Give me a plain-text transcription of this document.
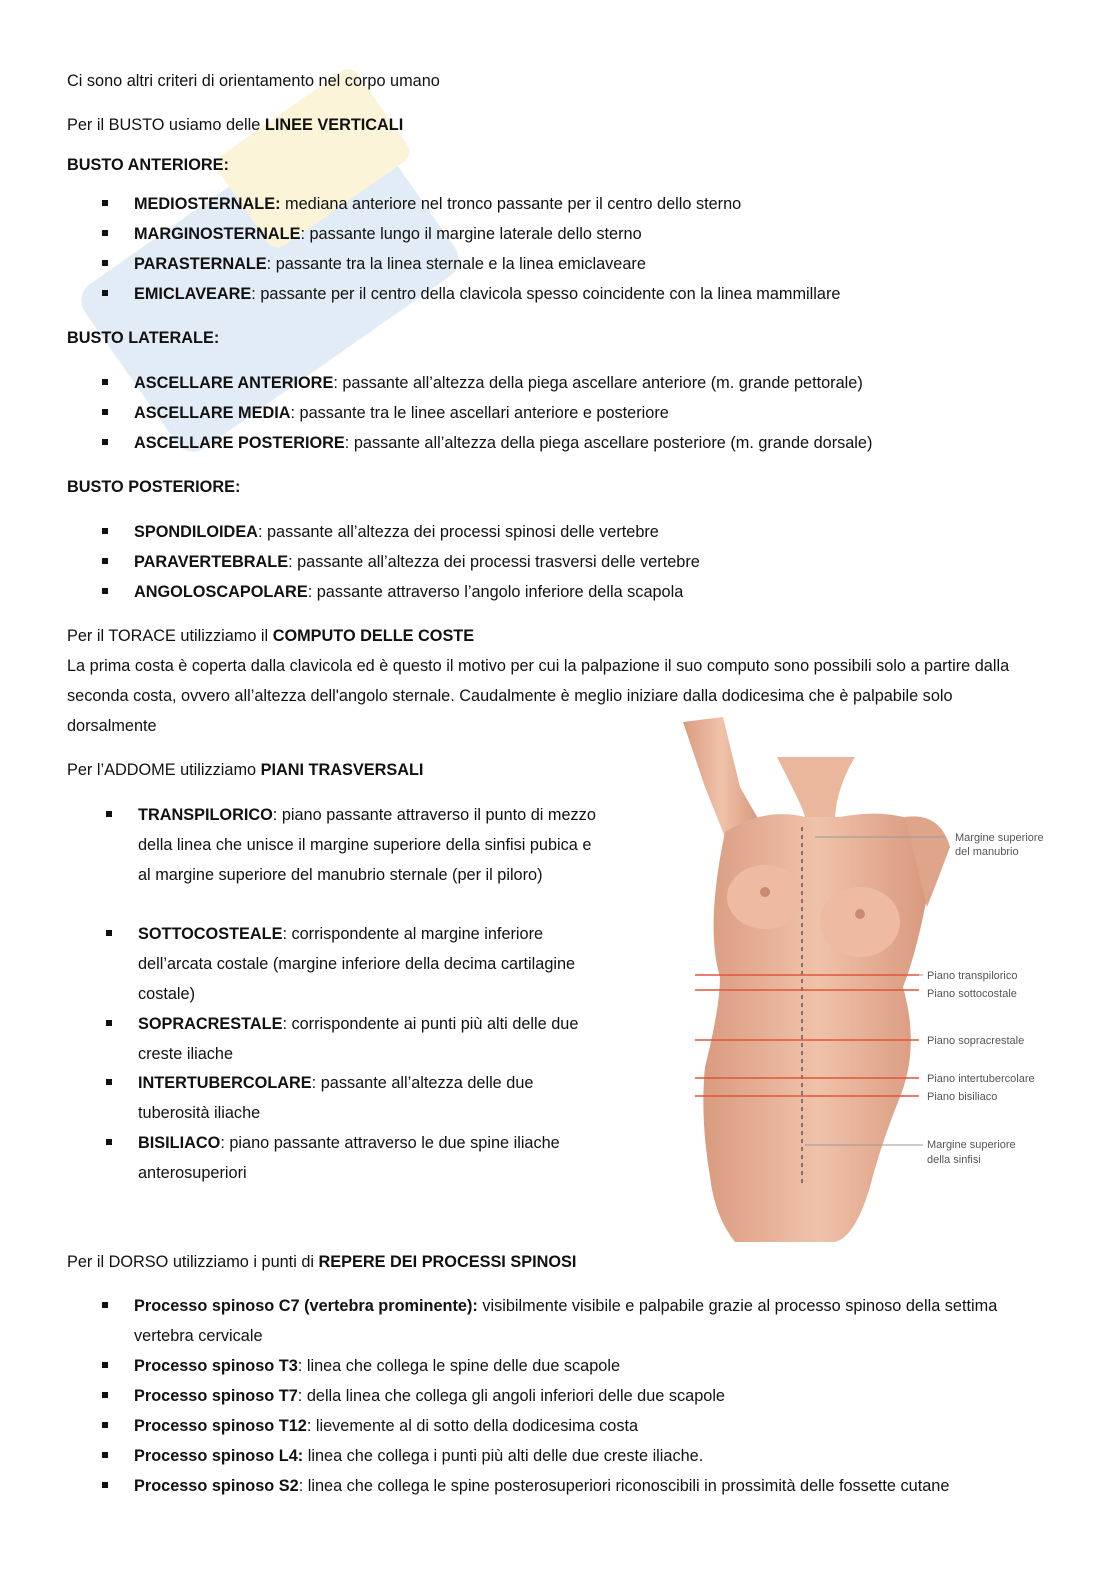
Ci sono altri criteri di orientamento nel corpo umano

Per il BUSTO usiamo delle LINEE VERTICALI

BUSTO ANTERIORE:

MEDIOSTERNALE: mediana anteriore nel tronco passante per il centro dello sterno
MARGINOSTERNALE: passante lungo il margine laterale dello sterno
PARASTERNALE: passante tra la linea sternale e la linea emiclaveare
EMICLAVEARE: passante per il centro della clavicola spesso coincidente con la linea mammillare

BUSTO LATERALE:

ASCELLARE ANTERIORE: passante all’altezza della piega ascellare anteriore (m. grande pettorale)
ASCELLARE MEDIA: passante tra le linee ascellari anteriore e posteriore
ASCELLARE POSTERIORE: passante all’altezza della piega ascellare posteriore (m. grande dorsale)

BUSTO POSTERIORE:

SPONDILOIDEA: passante all’altezza dei processi spinosi delle vertebre
PARAVERTEBRALE: passante all’altezza dei processi trasversi delle vertebre
ANGOLOSCAPOLARE: passante attraverso l’angolo inferiore della scapola

Per il TORACE utilizziamo il COMPUTO DELLE COSTE

La prima costa è coperta dalla clavicola ed è questo il motivo per cui la palpazione il suo computo sono possibili solo a partire dalla seconda costa, ovvero all’altezza dell'angolo sternale. Caudalmente è meglio iniziare dalla dodicesima che è palpabile solo dorsalmente

Per l’ADDOME utilizziamo PIANI TRASVERSALI

TRANSPILORICO: piano passante attraverso il punto di mezzo della linea che unisce il margine superiore della sinfisi pubica e al margine superiore del manubrio sternale (per il piloro)
SOTTOCOSTEALE: corrispondente al margine inferiore dell’arcata costale (margine inferiore della decima cartilagine costale)
SOPRACRESTALE: corrispondente ai punti più alti delle due creste iliache
INTERTUBERCOLARE: passante all’altezza delle due tuberosità iliache
BISILIACO: piano passante attraverso le due spine iliache anterosuperiori
Margine superiore
del manubrio
Piano transpilorico
Piano sottocostale
Piano sopracrestale
Piano intertubercolare
Piano bisiliaco
Margine superiore
della sinfisi

Per il DORSO utilizziamo i punti di REPERE DEI PROCESSI SPINOSI

Processo spinoso C7 (vertebra prominente): visibilmente visibile e palpabile grazie al processo spinoso della settima vertebra cervicale
Processo spinoso T3: linea che collega le spine delle due scapole
Processo spinoso T7: della linea che collega gli angoli inferiori delle due scapole
Processo spinoso T12: lievemente al di sotto della dodicesima costa
Processo spinoso L4: linea che collega i punti più alti delle due creste iliache.
Processo spinoso S2: linea che collega le spine posterosuperiori riconoscibili in prossimità delle fossette cutane
